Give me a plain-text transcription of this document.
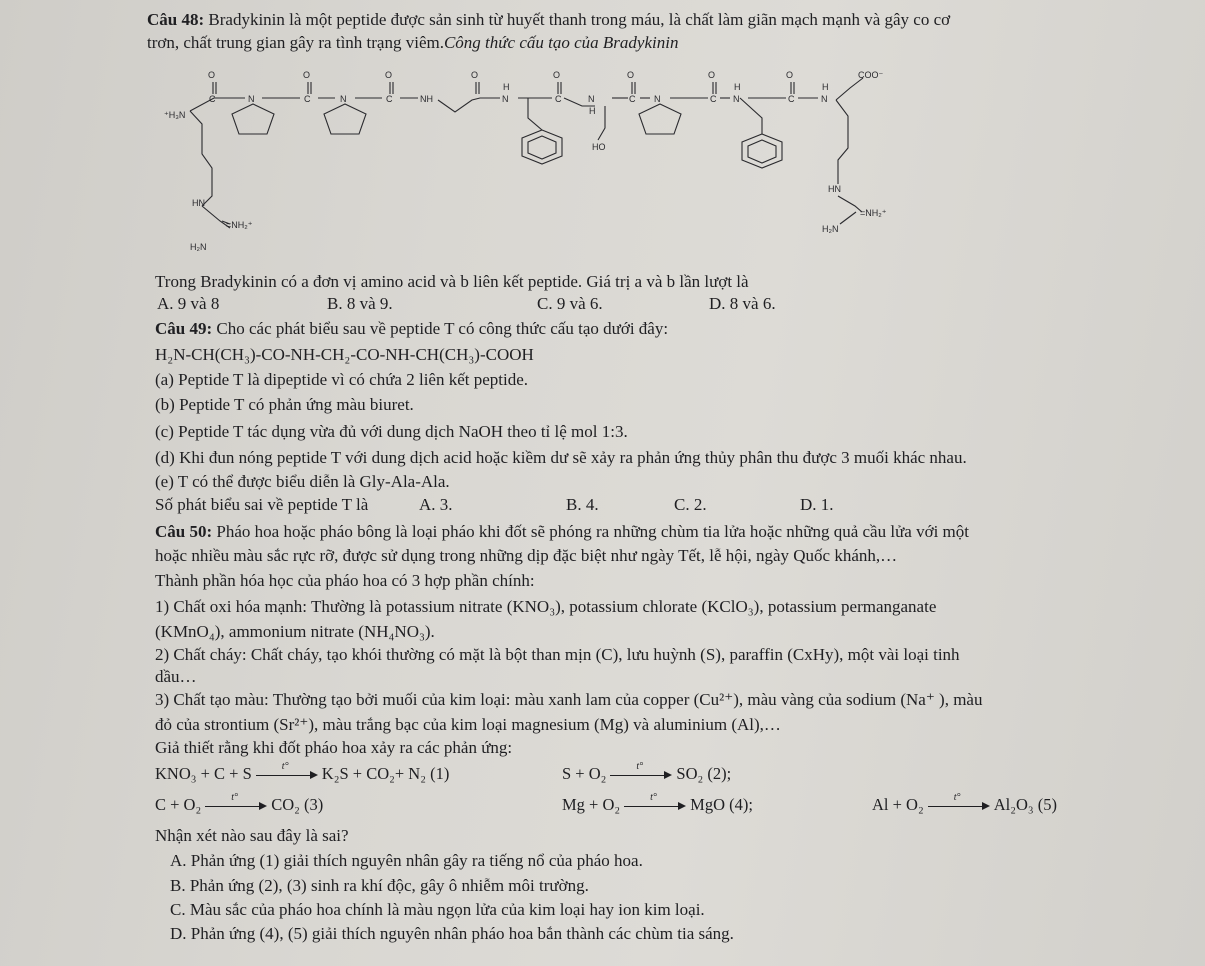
Câu 48: Bradykinin là một peptide được sản sinh từ huyết thanh trong máu, là chất làm giãn mạch mạnh và gây co cơ
trơn, chất trung gian gây ra tình trạng viêm.Công thức cấu tạo của Bradykinin
O	O	O	O	O	O	O	O
C	C	C	C	C	C	C
N	N	NH	N
H
N
H
N	N
H
N
H
COO⁻
⁺H₃N
HN
=NH₂⁺
H₂N
HO
HN
=NH₂⁺
H₂N
Trong Bradykinin có a đơn vị amino acid và b liên kết peptide. Giá trị a và b lần lượt là
A. 9 và 8	B. 8 và 9.	C. 9 và 6.	D. 8 và 6.
Câu 49: Cho các phát biểu sau về peptide T có công thức cấu tạo dưới đây:
H₂N-CH(CH₃)-CO-NH-CH₂-CO-NH-CH(CH₃)-COOH
(a) Peptide T là dipeptide vì có chứa 2 liên kết peptide.
(b) Peptide T có phản ứng màu biuret.
(c) Peptide T tác dụng vừa đủ với dung dịch NaOH theo tỉ lệ mol 1:3.
(d) Khi đun nóng peptide T với dung dịch acid hoặc kiềm dư sẽ xảy ra phản ứng thủy phân thu được 3 muối khác nhau.
(e) T có thể được biểu diễn là Gly-Ala-Ala.
Số phát biểu sai về peptide T là	A. 3.	B. 4.	C. 2.	D. 1.
Câu 50: Pháo hoa hoặc pháo bông là loại pháo khi đốt sẽ phóng ra những chùm tia lửa hoặc những quả cầu lửa với một
hoặc nhiều màu sắc rực rỡ, được sử dụng trong những dịp đặc biệt như ngày Tết, lễ hội, ngày Quốc khánh,…
Thành phần hóa học của pháo hoa có 3 hợp phần chính:
1) Chất oxi hóa mạnh: Thường là potassium nitrate (KNO₃), potassium chlorate (KClO₃), potassium permanganate
(KMnO₄), ammonium nitrate (NH₄NO₃).
2) Chất cháy: Chất cháy, tạo khói thường có mặt là bột than mịn (C), lưu huỳnh (S), paraffin (CxHy), một vài loại tinh
dầu…
3) Chất tạo màu: Thường tạo bởi muối của kim loại: màu xanh lam của copper (Cu²⁺), màu vàng của sodium (Na⁺ ), màu
đỏ của strontium (Sr²⁺), màu trắng bạc của kim loại magnesium (Mg) và aluminium (Al),…
Giả thiết rằng khi đốt pháo hoa xảy ra các phản ứng:
KNO₃ + C + S	t° K₂S + CO₂+ N₂ (1)	S + O₂	t° SO₂ (2);
C + O₂	t° CO₂ (3)	Mg + O₂	t° MgO (4);	Al + O₂	t° Al₂O₃ (5)
Nhận xét nào sau đây là sai?
A. Phản ứng (1) giải thích nguyên nhân gây ra tiếng nổ của pháo hoa.
B. Phản ứng (2), (3) sinh ra khí độc, gây ô nhiễm môi trường.
C. Màu sắc của pháo hoa chính là màu ngọn lửa của kim loại hay ion kim loại.
D. Phản ứng (4), (5) giải thích nguyên nhân pháo hoa bắn thành các chùm tia sáng.
